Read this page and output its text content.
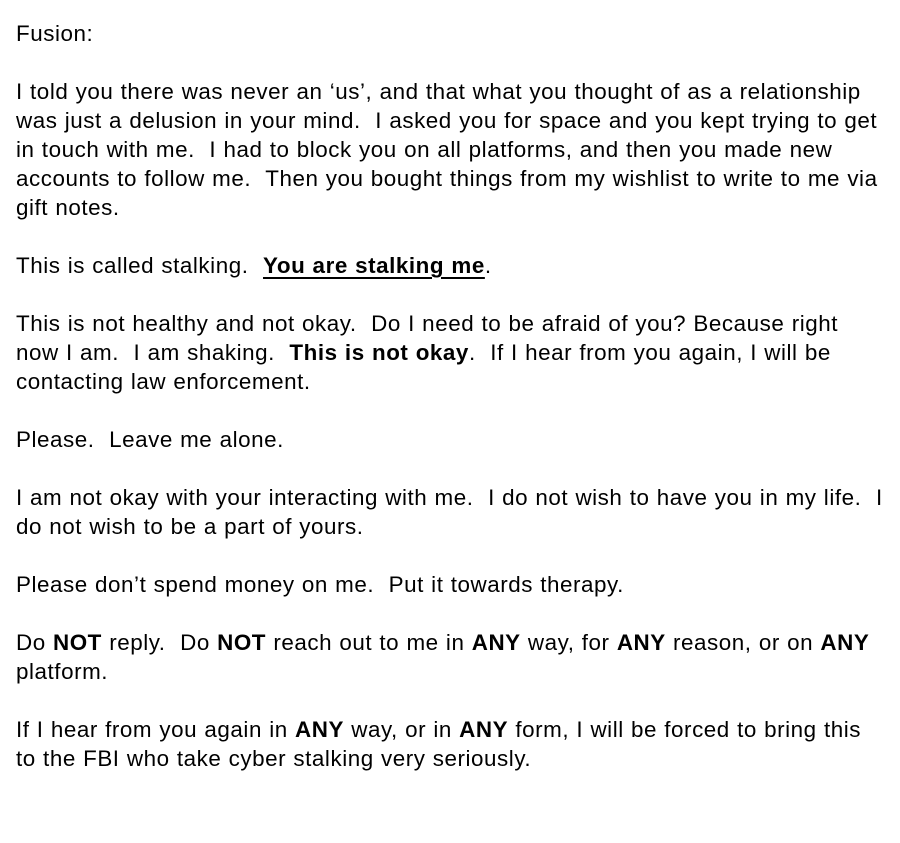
Fusion:

I told you there was never an ‘us’, and that what you thought of as a relationship was just a delusion in your mind.  I asked you for space and you kept trying to get in touch with me.  I had to block you on all platforms, and then you made new accounts to follow me.  Then you bought things from my wishlist to write to me via gift notes.

This is called stalking.  You are stalking me.

This is not healthy and not okay.  Do I need to be afraid of you? Because right now I am.  I am shaking.  This is not okay.  If I hear from you again, I will be contacting law enforcement.

Please.  Leave me alone.

I am not okay with your interacting with me.  I do not wish to have you in my life.  I do not wish to be a part of yours.

Please don’t spend money on me.  Put it towards therapy.

Do NOT reply.  Do NOT reach out to me in ANY way, for ANY reason, or on ANY platform.

If I hear from you again in ANY way, or in ANY form, I will be forced to bring this to the FBI who take cyber stalking very seriously.
